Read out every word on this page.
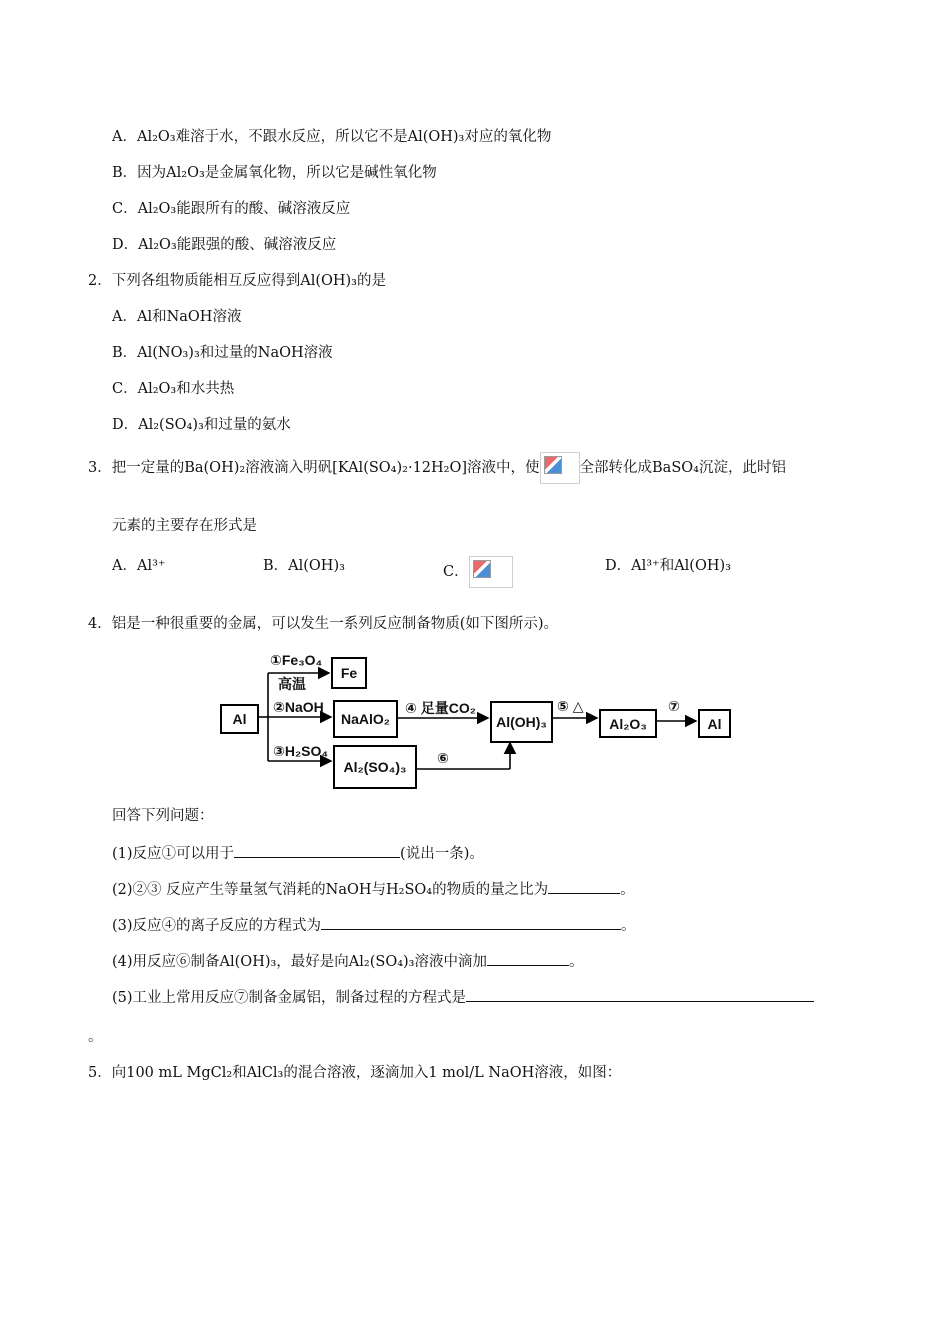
A．Al₂O₃难溶于水，不跟水反应，所以它不是Al(OH)₃对应的氧化物
B．因为Al₂O₃是金属氧化物，所以它是碱性氧化物
C．Al₂O₃能跟所有的酸、碱溶液反应
D．Al₂O₃能跟强的酸、碱溶液反应
2．下列各组物质能相互反应得到Al(OH)₃的是
A．Al和NaOH溶液
B．Al(NO₃)₃和过量的NaOH溶液
C．Al₂O₃和水共热
D．Al₂(SO₄)₃和过量的氨水
3．把一定量的Ba(OH)₂溶液滴入明矾[KAl(SO₄)₂·12H₂O]溶液中，使	全部转化成BaSO₄沉淀，此时铝
元素的主要存在形式是
A．Al³⁺	B．Al(OH)₃	C．	D．Al³⁺和Al(OH)₃
4．铝是一种很重要的金属，可以发生一系列反应制备物质(如下图所示)。
Al
Fe
NaAlO₂	Al(OH)₃	Al₂O₃	Al
Al₂(SO₄)₃
①Fe₃O₄
高温
②NaOH
③H₂SO₄
④ 足量CO₂	⑤ △
⑥
⑦
回答下列问题：
(1)反应①可以用于	(说出一条)。
(2)②③ 反应产生等量氢气消耗的NaOH与H₂SO₄的物质的量之比为	。
(3)反应④的离子反应的方程式为	。
(4)用反应⑥制备Al(OH)₃，最好是向Al₂(SO₄)₃溶液中滴加	。
(5)工业上常用反应⑦制备金属铝，制备过程的方程式是
。
5．向100 mL MgCl₂和AlCl₃的混合溶液，逐滴加入1 mol/L NaOH溶液，如图：
